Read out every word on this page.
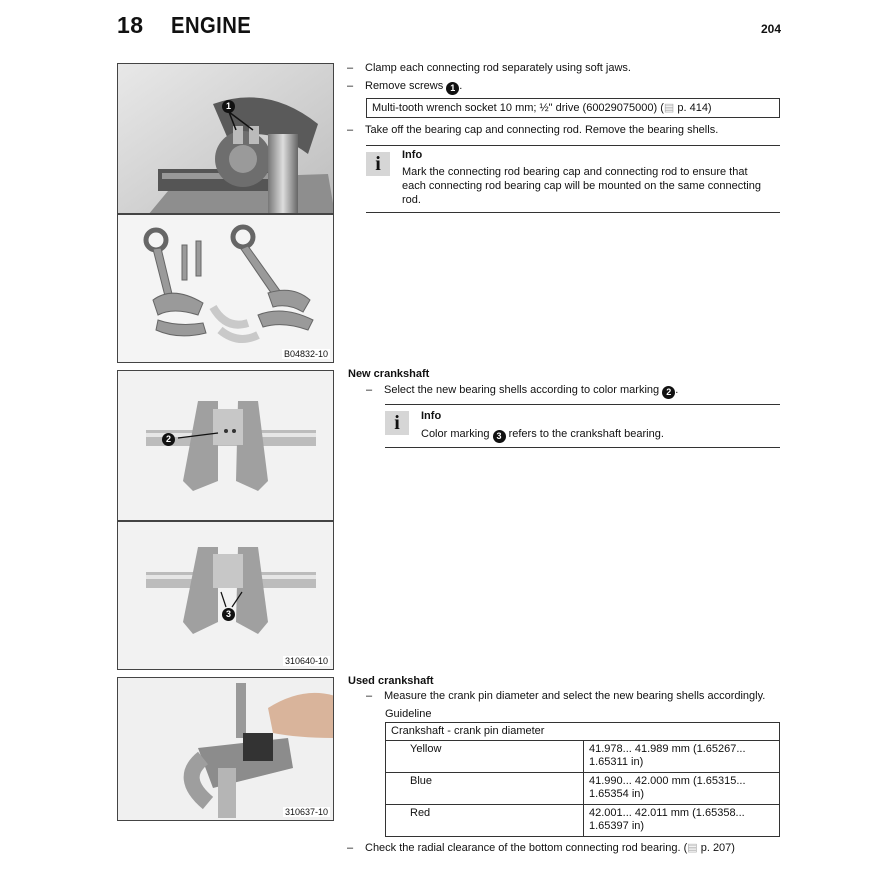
18 ENGINE	204
1
B04832-10
2
3
310640-10
310637-10
– Clamp each connecting rod separately using soft jaws.
– Remove screws 1 .
Multi-tooth wrench socket 10 mm; ½" drive (60029075000) (▤ p. 414)
– Take off the bearing cap and connecting rod. Remove the bearing shells.
i	Info
Mark the connecting rod bearing cap and connecting rod to ensure that
each connecting rod bearing cap will be mounted on the same connecting
rod.
New crankshaft
– Select the new bearing shells according to color marking 2 .
i	Info
Color marking 3 refers to the crankshaft bearing.
Used crankshaft
– Measure the crank pin diameter and select the new bearing shells accordingly.
Guideline
Crankshaft - crank pin diameter	
Yellow	41.978... 41.989 mm (1.65267...
1.65311 in)

Blue	41.990... 42.000 mm (1.65315...
1.65354 in)

Red	42.001... 42.011 mm (1.65358...
1.65397 in)
– Check the radial clearance of the bottom connecting rod bearing. (▤ p. 207)
